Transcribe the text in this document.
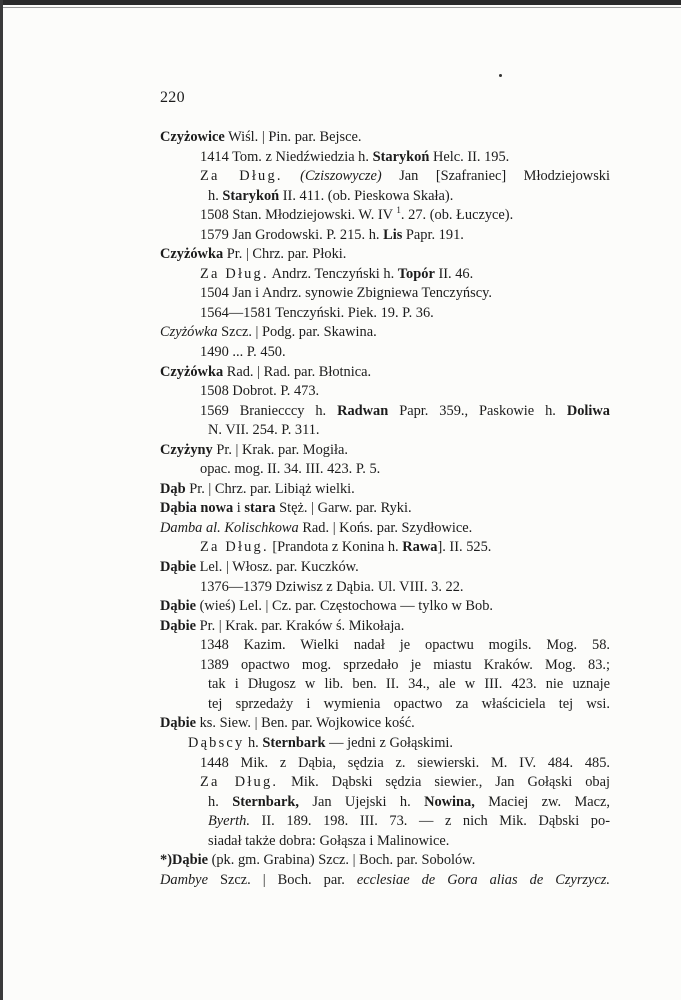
220
Czyżowice Wiśl. | Pin. par. Bejsce.
1414 Tom. z Niedźwiedzia h. Starykoń Helc. II. 195.
Za Dług. (Cziszowycze) Jan [Szafraniec] Młodziejowski
h. Starykoń II. 411. (ob. Pieskowa Skała).
1508 Stan. Młodziejowski. W. IV $^1$. 27. (ob. Łuczyce).
1579 Jan Grodowski. P. 215. h. Lis Papr. 191.
Czyżówka Pr. | Chrz. par. Płoki.
Za Dług. Andrz. Tenczyński h. Topór II. 46.
1504 Jan i Andrz. synowie Zbigniewa Tenczyńscy.
1564—1581 Tenczyński. Piek. 19. P. 36.
Czyżówka Szcz. | Podg. par. Skawina.
1490 ... P. 450.
Czyżówka Rad. | Rad. par. Błotnica.
1508 Dobrot. P. 473.
1569 Braniecccy h. Radwan Papr. 359., Paskowie h. Doliwa
N. VII. 254. P. 311.
Czyżyny Pr. | Krak. par. Mogiła.
opac. mog. II. 34. III. 423. P. 5.
Dąb Pr. | Chrz. par. Libiąż wielki.
Dąbia nowa i stara Stęż. | Garw. par. Ryki.
Damba al. Kolischkowa Rad. | Końs. par. Szydłowice.
Za Dług. [Prandota z Konina h. Rawa]. II. 525.
Dąbie Lel. | Włosz. par. Kuczków.
1376—1379 Dziwisz z Dąbia. Ul. VIII. 3. 22.
Dąbie (wieś) Lel. | Cz. par. Częstochowa — tylko w Bob.
Dąbie Pr. | Krak. par. Kraków ś. Mikołaja.
1348 Kazim. Wielki nadał je opactwu mogils. Mog. 58.
1389 opactwo mog. sprzedało je miastu Kraków. Mog. 83.;
tak i Długosz w lib. ben. II. 34., ale w III. 423. nie uznaje
tej sprzedaży i wymienia opactwo za właściciela tej wsi.
Dąbie ks. Siew. | Ben. par. Wojkowice kość.
Dąbscy h. Sternbark — jedni z Gołąskimi.
1448 Mik. z Dąbia, sędzia z. siewierski. M. IV. 484. 485.
Za Dług. Mik. Dąbski sędzia siewier., Jan Gołąski obaj
h. Sternbark, Jan Ujejski h. Nowina, Maciej zw. Macz,
Byerth. II. 189. 198. III. 73. — z nich Mik. Dąbski po-
siadał także dobra: Gołąsza i Malinowice.
*)Dąbie (pk. gm. Grabina) Szcz. | Boch. par. Sobolów.
Dambye Szcz. | Boch. par. ecclesiae de Gora alias de Czyrzycz.
